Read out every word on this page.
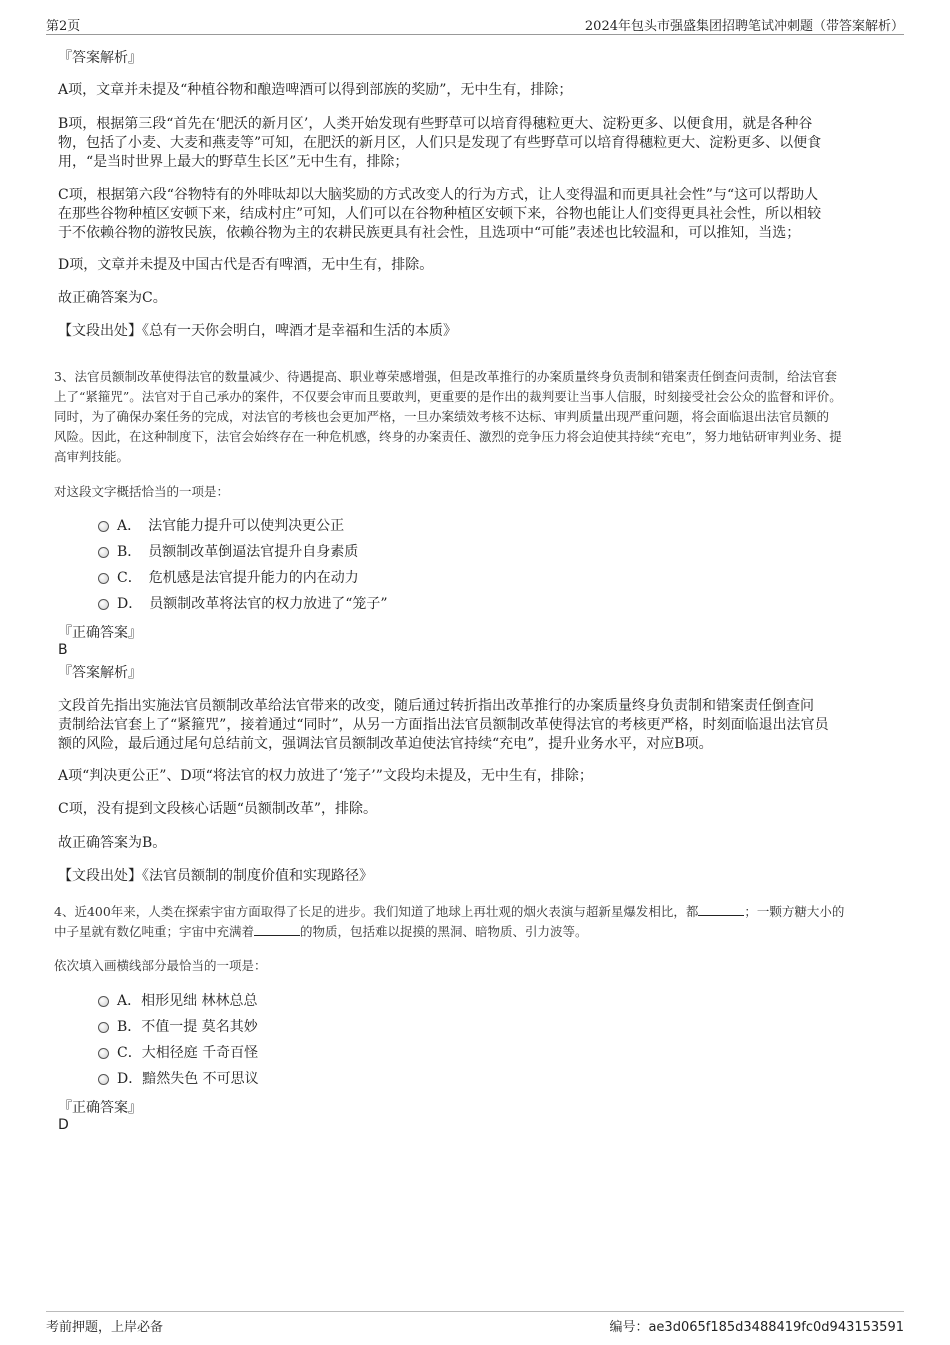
第2页	2024年包头市强盛集团招聘笔试冲刺题（带答案解析）
『答案解析』
A项，文章并未提及“种植谷物和酿造啤酒可以得到部族的奖励”，无中生有，排除；
B项，根据第三段“首先在‘肥沃的新月区’，人类开始发现有些野草可以培育得穗粒更大、淀粉更多、以便食用，就是各种谷
物，包括了小麦、大麦和燕麦等”可知，在肥沃的新月区，人们只是发现了有些野草可以培育得穗粒更大、淀粉更多、以便食
用，“是当时世界上最大的野草生长区”无中生有，排除；
C项，根据第六段“谷物特有的外啡呔却以大脑奖励的方式改变人的行为方式，让人变得温和而更具社会性”与“这可以帮助人
在那些谷物种植区安顿下来，结成村庄”可知，人们可以在谷物种植区安顿下来，谷物也能让人们变得更具社会性，所以相较
于不依赖谷物的游牧民族，依赖谷物为主的农耕民族更具有社会性，且选项中“可能”表述也比较温和，可以推知，当选；
D项，文章并未提及中国古代是否有啤酒，无中生有，排除。
故正确答案为C。
【文段出处】《总有一天你会明白，啤酒才是幸福和生活的本质》
3、法官员额制改革使得法官的数量减少、待遇提高、职业尊荣感增强，但是改革推行的办案质量终身负责制和错案责任倒查问责制，给法官套
上了“紧箍咒”。法官对于自己承办的案件，不仅要会审而且要敢判，更重要的是作出的裁判要让当事人信服，时刻接受社会公众的监督和评价。
同时，为了确保办案任务的完成，对法官的考核也会更加严格，一旦办案绩效考核不达标、审判质量出现严重问题，将会面临退出法官员额的
风险。因此，在这种制度下，法官会始终存在一种危机感，终身的办案责任、激烈的竞争压力将会迫使其持续“充电”，努力地钻研审判业务、提
高审判技能。
对这段文字概括恰当的一项是：
A．　法官能力提升可以使判决更公正
B．　员额制改革倒逼法官提升自身素质
C．　危机感是法官提升能力的内在动力
D．　员额制改革将法官的权力放进了“笼子”
『正确答案』
B
『答案解析』
文段首先指出实施法官员额制改革给法官带来的改变，随后通过转折指出改革推行的办案质量终身负责制和错案责任倒查问
责制给法官套上了“紧箍咒”，接着通过“同时”，从另一方面指出法官员额制改革使得法官的考核更严格，时刻面临退出法官员
额的风险，最后通过尾句总结前文，强调法官员额制改革迫使法官持续“充电”，提升业务水平，对应B项。
A项“判决更公正”、D项“将法官的权力放进了‘笼子’”文段均未提及，无中生有，排除；
C项，没有提到文段核心话题“员额制改革”，排除。
故正确答案为B。
【文段出处】《法官员额制的制度价值和实现路径》
4、近400年来，人类在探索宇宙方面取得了长足的进步。我们知道了地球上再壮观的烟火表演与超新星爆发相比，都	；一颗方糖大小的
中子星就有数亿吨重；宇宙中充满着	的物质，包括难以捉摸的黑洞、暗物质、引力波等。
依次填入画横线部分最恰当的一项是：
A．相形见绌 林林总总
B．不值一提 莫名其妙
C．大相径庭 千奇百怪
D．黯然失色 不可思议
『正确答案』
D
考前押题，上岸必备	编号：ae3d065f185d3488419fc0d943153591
